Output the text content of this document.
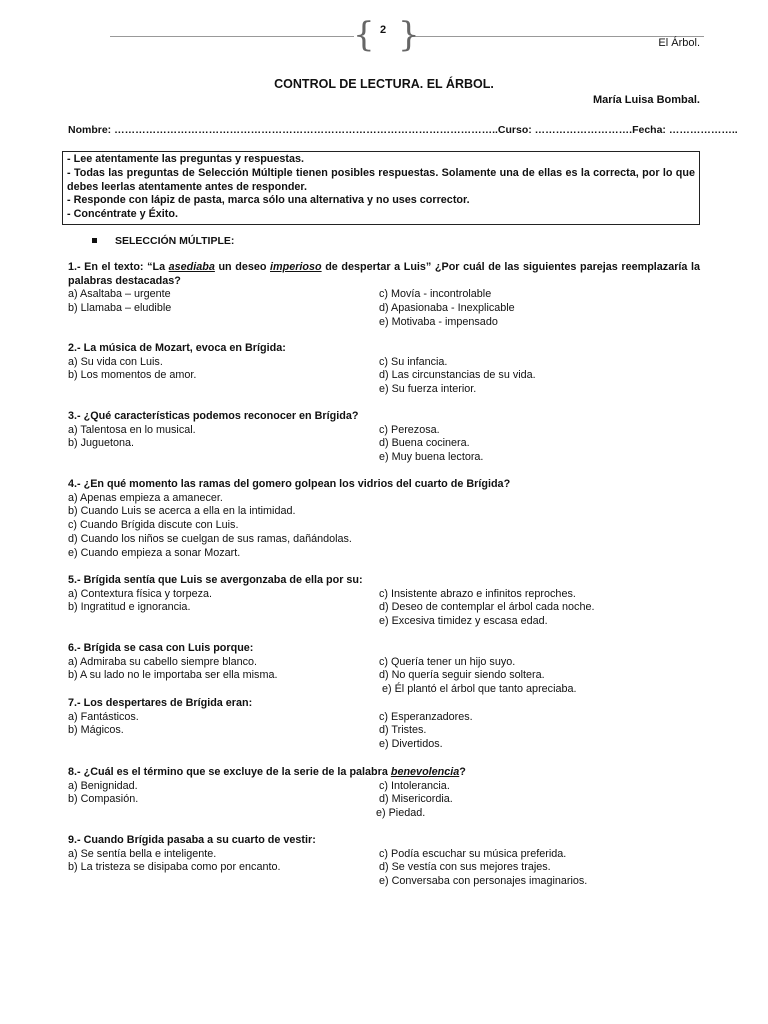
{ }
2
El Árbol.
CONTROL DE LECTURA. EL ÁRBOL.
María Luisa Bombal.
Nombre: ………………………………………………………………………………………………..Curso: ……………………….Fecha: ………………..
- Lee atentamente las preguntas y respuestas.
- Todas las preguntas de Selección Múltiple tienen posibles respuestas. Solamente una de ellas es la correcta, por lo que debes leerlas atentamente antes de responder.
- Responde con lápiz de pasta, marca sólo una alternativa y no uses corrector.
- Concéntrate y Éxito.
SELECCIÓN MÚLTIPLE:
1.- En el texto: “La asediaba un deseo imperioso de despertar a Luis” ¿Por cuál de las siguientes parejas reemplazaría la palabras destacadas?
a) Asaltaba – urgente	c) Movía - incontrolable
b) Llamaba – eludible	d) Apasionaba - Inexplicable
e) Motivaba - impensado
2.- La música de Mozart, evoca en Brígida:
a) Su vida con Luis.	c) Su infancia.
b) Los momentos de amor.	d) Las circunstancias de su vida.
e) Su fuerza interior.
3.- ¿Qué características podemos reconocer en Brígida?
a) Talentosa en lo musical.	c) Perezosa.
b) Juguetona.	d) Buena cocinera.
e) Muy buena lectora.
4.- ¿En qué momento las ramas del gomero golpean los vidrios del cuarto de Brígida?
a) Apenas empieza a amanecer.
b) Cuando Luis se acerca a ella en la intimidad.
c) Cuando Brígida discute con Luis.
d) Cuando los niños se cuelgan de sus ramas, dañándolas.
e) Cuando empieza a sonar Mozart.
5.- Brígida sentía que Luis se avergonzaba de ella por su:
a) Contextura física y torpeza.	c) Insistente abrazo e infinitos reproches.
b) Ingratitud e ignorancia.	d) Deseo de contemplar el árbol cada noche.
e) Excesiva timidez y escasa edad.
6.- Brígida se casa con Luis porque:
a) Admiraba su cabello siempre blanco.	c) Quería tener un hijo suyo.
b) A su lado no le importaba ser ella misma.	d) No quería seguir siendo soltera.
e) Él plantó el árbol que tanto apreciaba.
7.- Los despertares de Brígida eran:
a) Fantásticos.	c) Esperanzadores.
b) Mágicos.	d) Tristes.
e) Divertidos.
8.- ¿Cuál es el término que se excluye de la serie de la palabra benevolencia?
a) Benignidad.	c) Intolerancia.
b) Compasión.	d) Misericordia.
e) Piedad.
9.- Cuando Brígida pasaba a su cuarto de vestir:
a) Se sentía bella e inteligente.	c) Podía escuchar su música preferida.
b) La tristeza se disipaba como por encanto.	d) Se vestía con sus mejores trajes.
e) Conversaba con personajes imaginarios.
